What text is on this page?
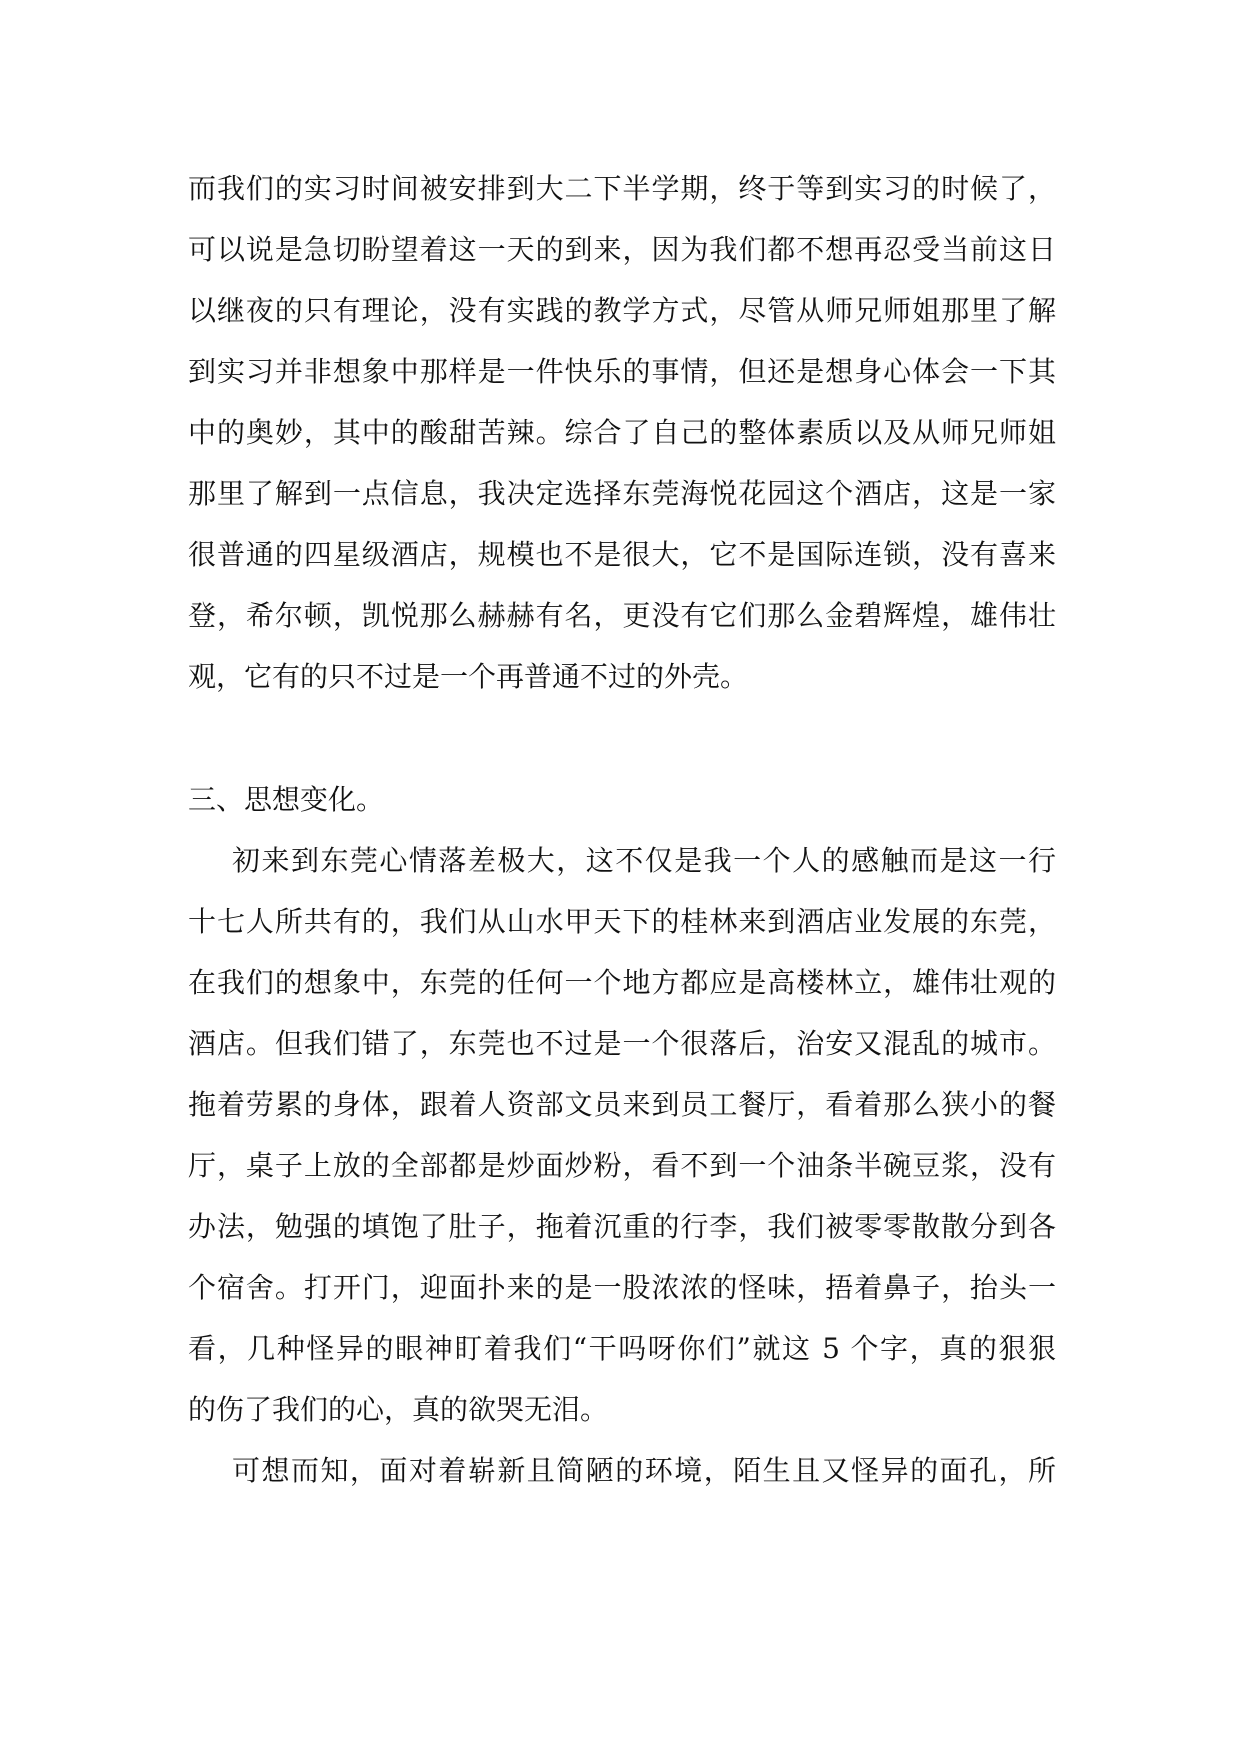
而我们的实习时间被安排到大二下半学期，终于等到实习的时候了，
可以说是急切盼望着这一天的到来，因为我们都不想再忍受当前这日
以继夜的只有理论，没有实践的教学方式，尽管从师兄师姐那里了解
到实习并非想象中那样是一件快乐的事情，但还是想身心体会一下其
中的奥妙，其中的酸甜苦辣。综合了自己的整体素质以及从师兄师姐
那里了解到一点信息，我决定选择东莞海悦花园这个酒店，这是一家
很普通的四星级酒店，规模也不是很大，它不是国际连锁，没有喜来
登，希尔顿，凯悦那么赫赫有名，更没有它们那么金碧辉煌，雄伟壮
观，它有的只不过是一个再普通不过的外壳。
三、思想变化。
初来到东莞心情落差极大，这不仅是我一个人的感触而是这一行
十七人所共有的，我们从山水甲天下的桂林来到酒店业发展的东莞，
在我们的想象中，东莞的任何一个地方都应是高楼林立，雄伟壮观的
酒店。但我们错了，东莞也不过是一个很落后，治安又混乱的城市。
拖着劳累的身体，跟着人资部文员来到员工餐厅，看着那么狭小的餐
厅，桌子上放的全部都是炒面炒粉，看不到一个油条半碗豆浆，没有
办法，勉强的填饱了肚子，拖着沉重的行李，我们被零零散散分到各
个宿舍。打开门，迎面扑来的是一股浓浓的怪味，捂着鼻子，抬头一
看，几种怪异的眼神盯着我们“干吗呀你们”就这 5 个字，真的狠狠
的伤了我们的心，真的欲哭无泪。
可想而知，面对着崭新且简陋的环境，陌生且又怪异的面孔，所
